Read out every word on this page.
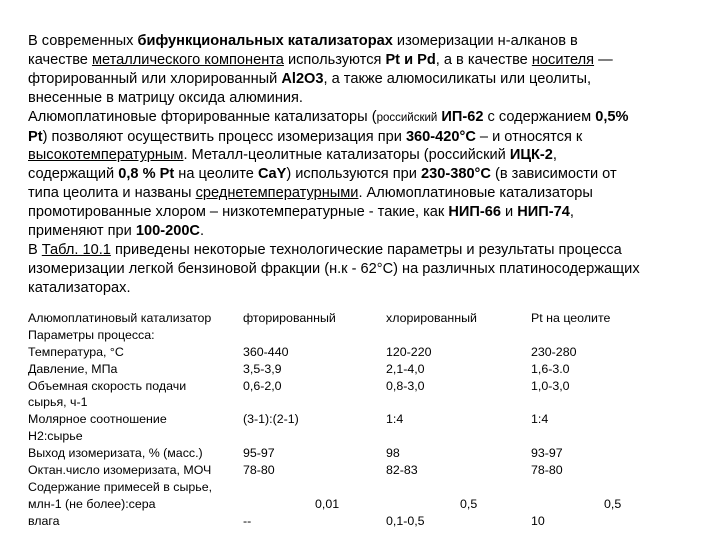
В современных бифункциональных катализаторах изомеризации н-алканов в
качестве металлического компонента используются Pt и Pd, а в качестве носителя —
фторированный или хлорированный Al2O3, а также алюмосиликаты или цеолиты,
внесенные в матрицу оксида алюминия.
Алюмоплатиновые фторированные катализаторы (российский ИП-62 с содержанием 0,5%
Pt) позволяют осуществить процесс изомеризация при 360-420°С – и относятся к
высокотемпературным. Металл-цеолитные катализаторы (российский ИЦК-2,
содержащий 0,8 % Pt на цеолите CaY) используются при 230-380°С (в зависимости от
типа цеолита и названы среднетемпературными. Алюмоплатиновые катализаторы
промотированные хлором – низкотемпературные - такие, как НИП-66 и НИП-74,
применяют при 100-200С.
В Табл. 10.1 приведены некоторые технологические параметры и результаты процесса
изомеризации легкой бензиновой фракции (н.к - 62°С) на различных платиносодержащих
катализаторах.
Алюмоплатиновый катализатор	фторированный	хлорированный	Pt на цеолите
Параметры процесса:
Температура, °С	360-440	120-220	230-280
Давление, МПа	3,5-3,9	2,1-4,0	1,6-3.0
Объемная скорость подачи	0,6-2,0	0,8-3,0	1,0-3,0
сырья, ч-1
Молярное соотношение	(3-1):(2-1)	1:4	1:4
Н2:сырье
Выход изомеризата, % (масс.)	95-97	98	93-97
Октан.число изомеризата, МОЧ	78-80	82-83	78-80
Содержание примесей в сырье,
млн-1 (не более):сера	0,01	0,5	0,5
влага	--	0,1-0,5	10
